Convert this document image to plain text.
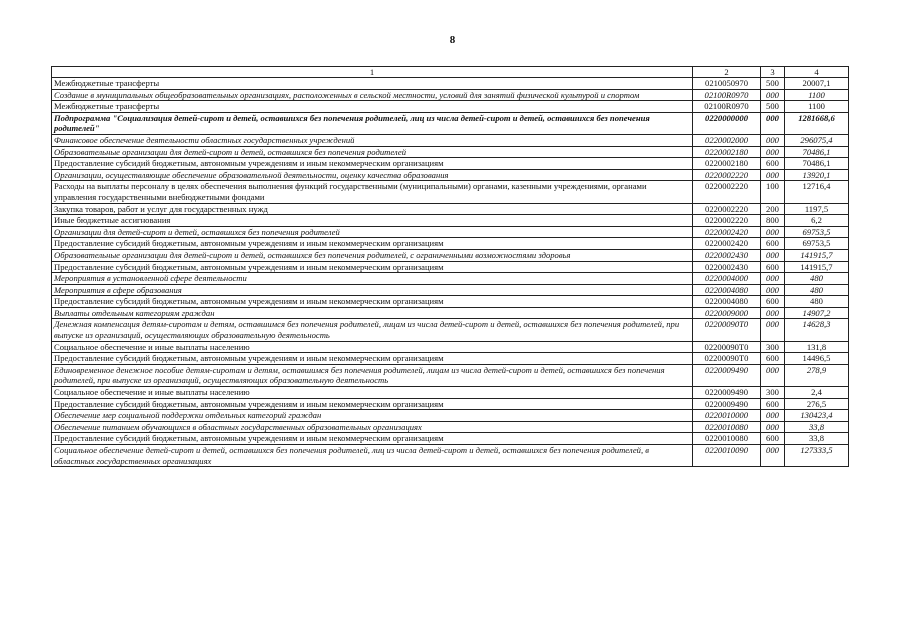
8
1	2	3	4
Межбюджетные трансферты	0210050970	500	20007,1
Создание в муниципальных общеобразовательных организациях, расположенных в сельской местности, условий для занятий физической культурой и спортом	02100R0970	000	1100
Межбюджетные трансферты	02100R0970	500	1100
Подпрограмма "Социализация детей-сирот и детей, оставшихся без попечения родителей, лиц из числа детей-сирот и детей, оставшихся без попечения родителей"	0220000000	000	1281668,6
Финансовое обеспечение деятельности областных государственных учреждений	0220002000	000	296075,4
Образовательные организации для детей-сирот и детей, оставшихся без попечения родителей	0220002180	000	70486,1
Предоставление субсидий бюджетным, автономным учреждениям и иным некоммерческим организациям	0220002180	600	70486,1
Организации, осуществляющие обеспечение образовательной деятельности, оценку качества образования	0220002220	000	13920,1
Расходы на выплаты персоналу в целях обеспечения выполнения функций государственными (муниципальными) органами, казенными учреждениями, органами управления государственными внебюджетными фондами	0220002220	100	12716,4
Закупка товаров, работ и услуг для государственных нужд	0220002220	200	1197,5
Иные бюджетные ассигнования	0220002220	800	6,2
Организации для детей-сирот и детей, оставшихся без попечения родителей	0220002420	000	69753,5
Предоставление субсидий бюджетным, автономным учреждениям и иным некоммерческим организациям	0220002420	600	69753,5
Образовательные организации для детей-сирот и детей, оставшихся без попечения родителей, с ограниченными возможностями здоровья	0220002430	000	141915,7
Предоставление субсидий бюджетным, автономным учреждениям и иным некоммерческим организациям	0220002430	600	141915,7
Мероприятия в установленной сфере деятельности	0220004000	000	480
Мероприятия в сфере образования	0220004080	000	480
Предоставление субсидий бюджетным, автономным учреждениям и иным некоммерческим организациям	0220004080	600	480
Выплаты отдельным категориям граждан	0220009000	000	14907,2
Денежная компенсация детям-сиротам и детям, оставшимся без попечения родителей, лицам из числа детей-сирот и детей, оставшихся без попечения родителей, при выпуске из организаций, осуществляющих образовательную деятельность	02200090Т0	000	14628,3
Социальное обеспечение и иные выплаты населению	02200090Т0	300	131,8
Предоставление субсидий бюджетным, автономным учреждениям и иным некоммерческим организациям	02200090Т0	600	14496,5
Единовременное денежное пособие детям-сиротам и детям, оставшимся без попечения родителей, лицам из числа детей-сирот и детей, оставшихся без попечения родителей, при выпуске из организаций, осуществляющих образовательную деятельность	0220009490	000	278,9
Социальное обеспечение и иные выплаты населению	0220009490	300	2,4
Предоставление субсидий бюджетным, автономным учреждениям и иным некоммерческим организациям	0220009490	600	276,5
Обеспечение мер социальной поддержки отдельных категорий граждан	0220010000	000	130423,4
Обеспечение питанием обучающихся в областных государственных образовательных организациях	0220010080	000	33,8
Предоставление субсидий бюджетным, автономным учреждениям и иным некоммерческим организациям	0220010080	600	33,8
Социальное обеспечение детей-сирот и детей, оставшихся без попечения родителей, лиц из числа детей-сирот и детей, оставшихся без попечения родителей, в областных государственных организациях	0220010090	000	127333,5
